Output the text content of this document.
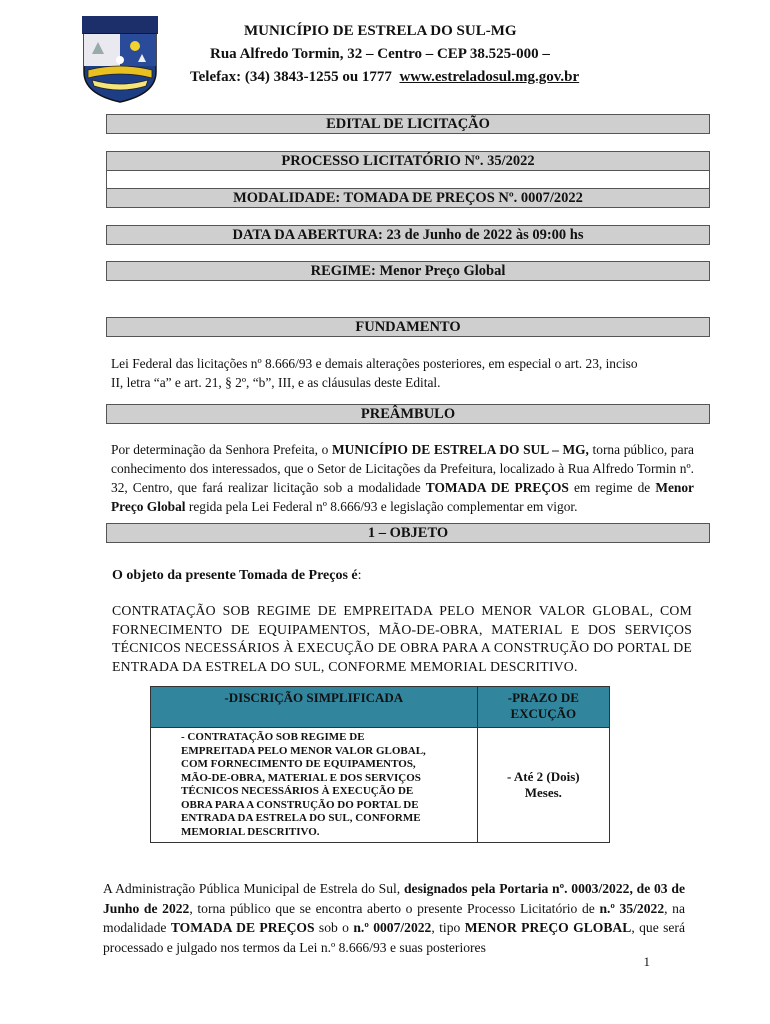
MUNICÍPIO DE ESTRELA DO SUL-MG
Rua Alfredo Tormin, 32 – Centro – CEP 38.525-000 –
Telefax: (34) 3843-1255 ou 1777 www.estreladosul.mg.gov.br
EDITAL DE LICITAÇÃO
PROCESSO LICITATÓRIO Nº. 35/2022
MODALIDADE: TOMADA DE PREÇOS Nº. 0007/2022
DATA DA ABERTURA: 23 de Junho de 2022 às 09:00 hs
REGIME: Menor Preço Global
FUNDAMENTO
Lei Federal das licitações nº 8.666/93 e demais alterações posteriores, em especial o art. 23, inciso
II, letra “a” e art. 21, § 2º, “b”, III, e as cláusulas deste Edital.
PREÂMBULO
Por determinação da Senhora Prefeita, o MUNICÍPIO DE ESTRELA DO SUL – MG, torna público, para conhecimento dos interessados, que o Setor de Licitações da Prefeitura, localizado à Rua Alfredo Tormin nº. 32, Centro, que fará realizar licitação sob a modalidade TOMADA DE PREÇOS em regime de Menor Preço Global regida pela Lei Federal nº 8.666/93 e legislação complementar em vigor.
1 – OBJETO
O objeto da presente Tomada de Preços é:
CONTRATAÇÃO SOB REGIME DE EMPREITADA PELO MENOR VALOR GLOBAL, COM FORNECIMENTO DE EQUIPAMENTOS, MÃO-DE-OBRA, MATERIAL E DOS SERVIÇOS TÉCNICOS NECESSÁRIOS À EXECUÇÃO DE OBRA PARA A CONSTRUÇÃO DO PORTAL DE ENTRADA DA ESTRELA DO SUL, CONFORME MEMORIAL DESCRITIVO.
-DISCRIÇÃO SIMPLIFICADA	-PRAZO DE EXCUÇÃO

- CONTRATAÇÃO SOB REGIME DE EMPREITADA PELO MENOR VALOR GLOBAL, COM FORNECIMENTO DE EQUIPAMENTOS, MÃO-DE-OBRA, MATERIAL E DOS SERVIÇOS TÉCNICOS NECESSÁRIOS À EXECUÇÃO DE OBRA PARA A CONSTRUÇÃO DO PORTAL DE ENTRADA DA ESTRELA DO SUL, CONFORME MEMORIAL DESCRITIVO.	- Até 2 (Dois) Meses.
A Administração Pública Municipal de Estrela do Sul, designados pela Portaria nº. 0003/2022, de 03 de Junho de 2022, torna público que se encontra aberto o presente Processo Licitatório de n.º 35/2022, na modalidade TOMADA DE PREÇOS sob o n.º 0007/2022, tipo MENOR PREÇO GLOBAL, que será processado e julgado nos termos da Lei n.º 8.666/93 e suas posteriores
1
